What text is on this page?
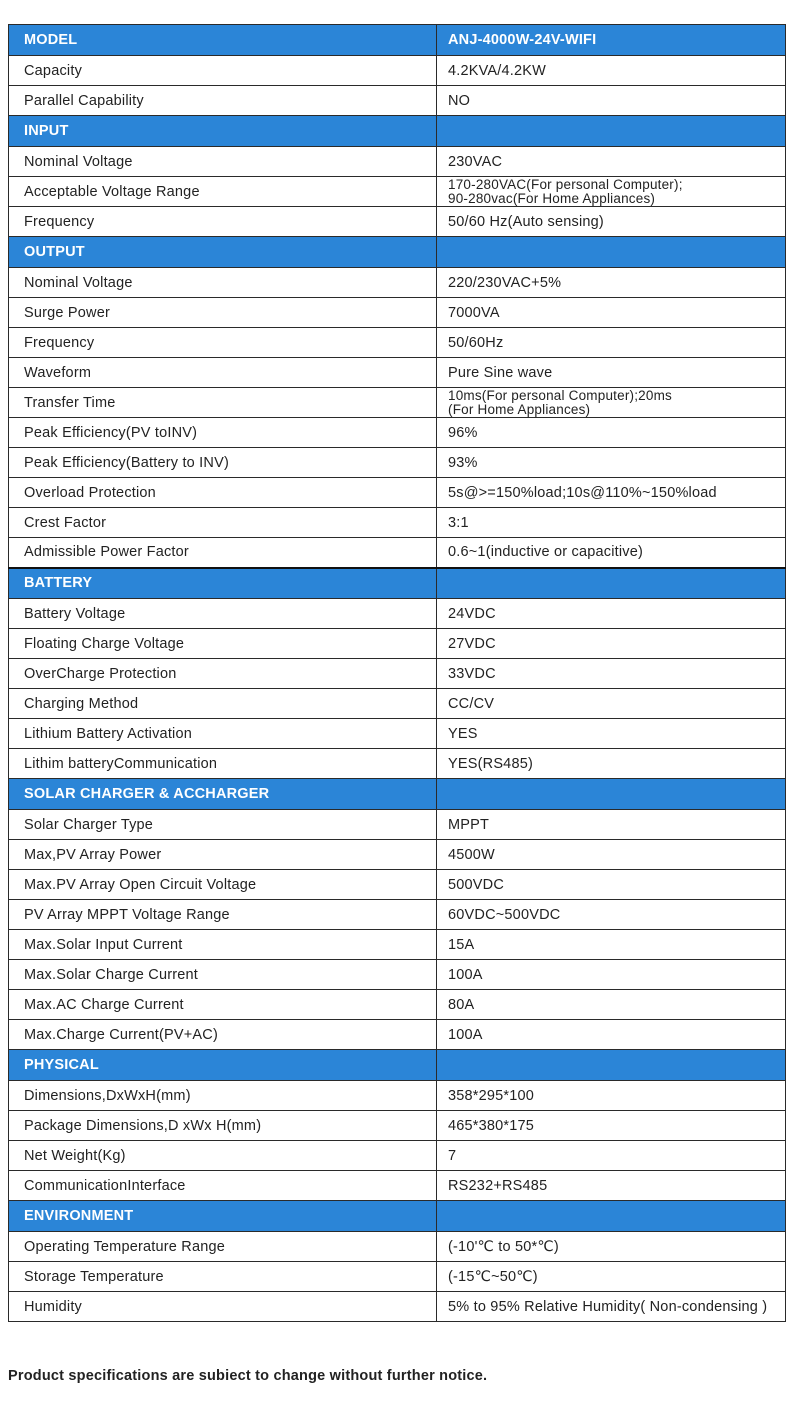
MODEL	ANJ-4000W-24V-WIFI
Capacity	4.2KVA/4.2KW
Parallel Capability	NO
INPUT	
Nominal Voltage	230VAC
Acceptable Voltage Range	170-280VAC(For personal Computer);
90-280vac(For Home Appliances)
Frequency	50/60 Hz(Auto sensing)
OUTPUT	
Nominal Voltage	220/230VAC+5%
Surge Power	7000VA
Frequency	50/60Hz
Waveform	Pure Sine wave
Transfer Time	10ms(For personal Computer);20ms
(For Home Appliances)
Peak Efficiency(PV toINV)	96%
Peak Efficiency(Battery to INV)	93%
Overload Protection	5s@>=150%load;10s@110%~150%load
Crest Factor	3:1
Admissible Power Factor	0.6~1(inductive or capacitive)
BATTERY	
Battery Voltage	24VDC
Floating Charge Voltage	27VDC
OverCharge Protection	33VDC
Charging Method	CC/CV
Lithium Battery Activation	YES
Lithim batteryCommunication	YES(RS485)
SOLAR CHARGER & ACCHARGER	
Solar Charger Type	MPPT
Max,PV Array Power	4500W
Max.PV Array Open Circuit Voltage	500VDC
PV Array MPPT Voltage Range	60VDC~500VDC
Max.Solar Input Current	15A
Max.Solar Charge Current	100A
Max.AC Charge Current	80A
Max.Charge Current(PV+AC)	100A
PHYSICAL	
Dimensions,DxWxH(mm)	358*295*100
Package Dimensions,D xWx H(mm)	465*380*175
Net Weight(Kg)	7
CommunicationInterface	RS232+RS485
ENVIRONMENT	
Operating Temperature Range	(-10'℃ to 50*℃)
Storage Temperature	(-15℃~50℃)
Humidity	5% to 95% Relative Humidity( Non-condensing )
Product specifications are subiect to change without further notice.
